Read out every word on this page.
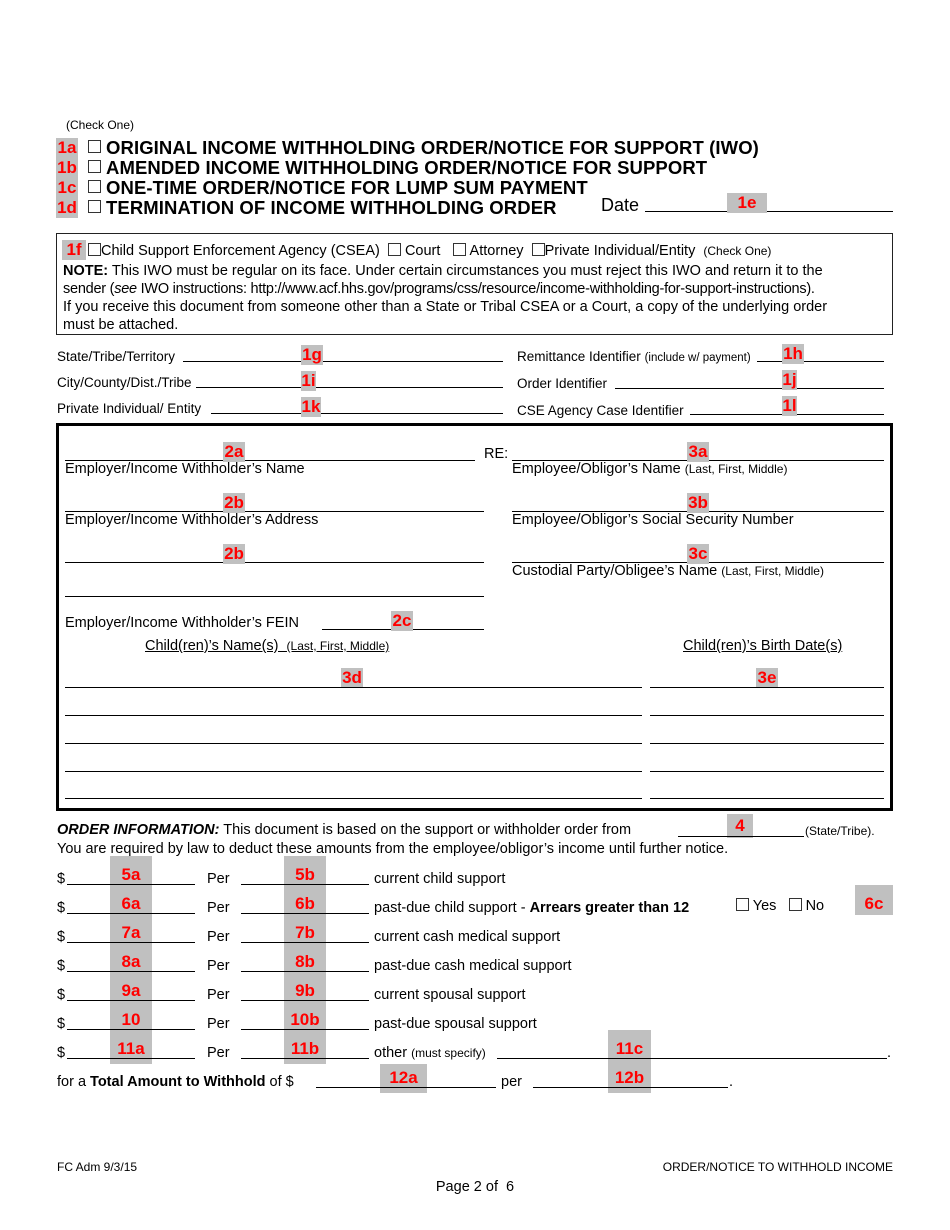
(Check One)
1a ORIGINAL INCOME WITHHOLDING ORDER/NOTICE FOR SUPPORT (IWO)
1b AMENDED INCOME WITHHOLDING ORDER/NOTICE FOR SUPPORT
1c ONE-TIME ORDER/NOTICE FOR LUMP SUM PAYMENT
1d TERMINATION OF INCOME WITHHOLDING ORDER Date	1e
1f	Child Support Enforcement Agency (CSEA) Court Attorney Private Individual/Entity (Check One)
NOTE: This IWO must be regular on its face. Under certain circumstances you must reject this IWO and return it to the
sender (see IWO instructions: http://www.acf.hhs.gov/programs/css/resource/income-withholding-for-support-instructions).
If you receive this document from someone other than a State or Tribal CSEA or a Court, a copy of the underlying order
must be attached.
State/Tribe/Territory	1g
City/County/Dist./Tribe	1i
Private Individual/ Entity	1k
Remittance Identifier (include w/ payment) 1h
Order Identifier	1j
CSE Agency Case Identifier	1l
2a
Employer/Income Withholder’s Name
RE:	3a
Employee/Obligor’s Name (Last, First, Middle)
2b
Employer/Income Withholder’s Address
3b
Employee/Obligor’s Social Security Number
2b	3c
Custodial Party/Obligee’s Name (Last, First, Middle)
Employer/Income Withholder’s FEIN	2c
Child(ren)’s Name(s) (Last, First, Middle)	Child(ren)’s Birth Date(s)
3d	3e
ORDER INFORMATION: This document is based on the support or withholder order from	4	(State/Tribe).
You are required by law to deduct these amounts from the employee/obligor’s income until further notice.
$	5a	Per	5b	current child support
$	6a	Per	6b	past-due child support - Arrears greater than 12	Yes No	6c
$	7a	Per	7b	current cash medical support
$	8a	Per	8b	past-due cash medical support
$	9a	Per	9b	current spousal support
$	10	Per	10b	past-due spousal support
$	11a	Per	11b	other (must specify)	11c	.
for a Total Amount to Withhold of $	12a	per	12b	.
FC Adm 9/3/15	ORDER/NOTICE TO WITHHOLD INCOME
Page 2 of  6
